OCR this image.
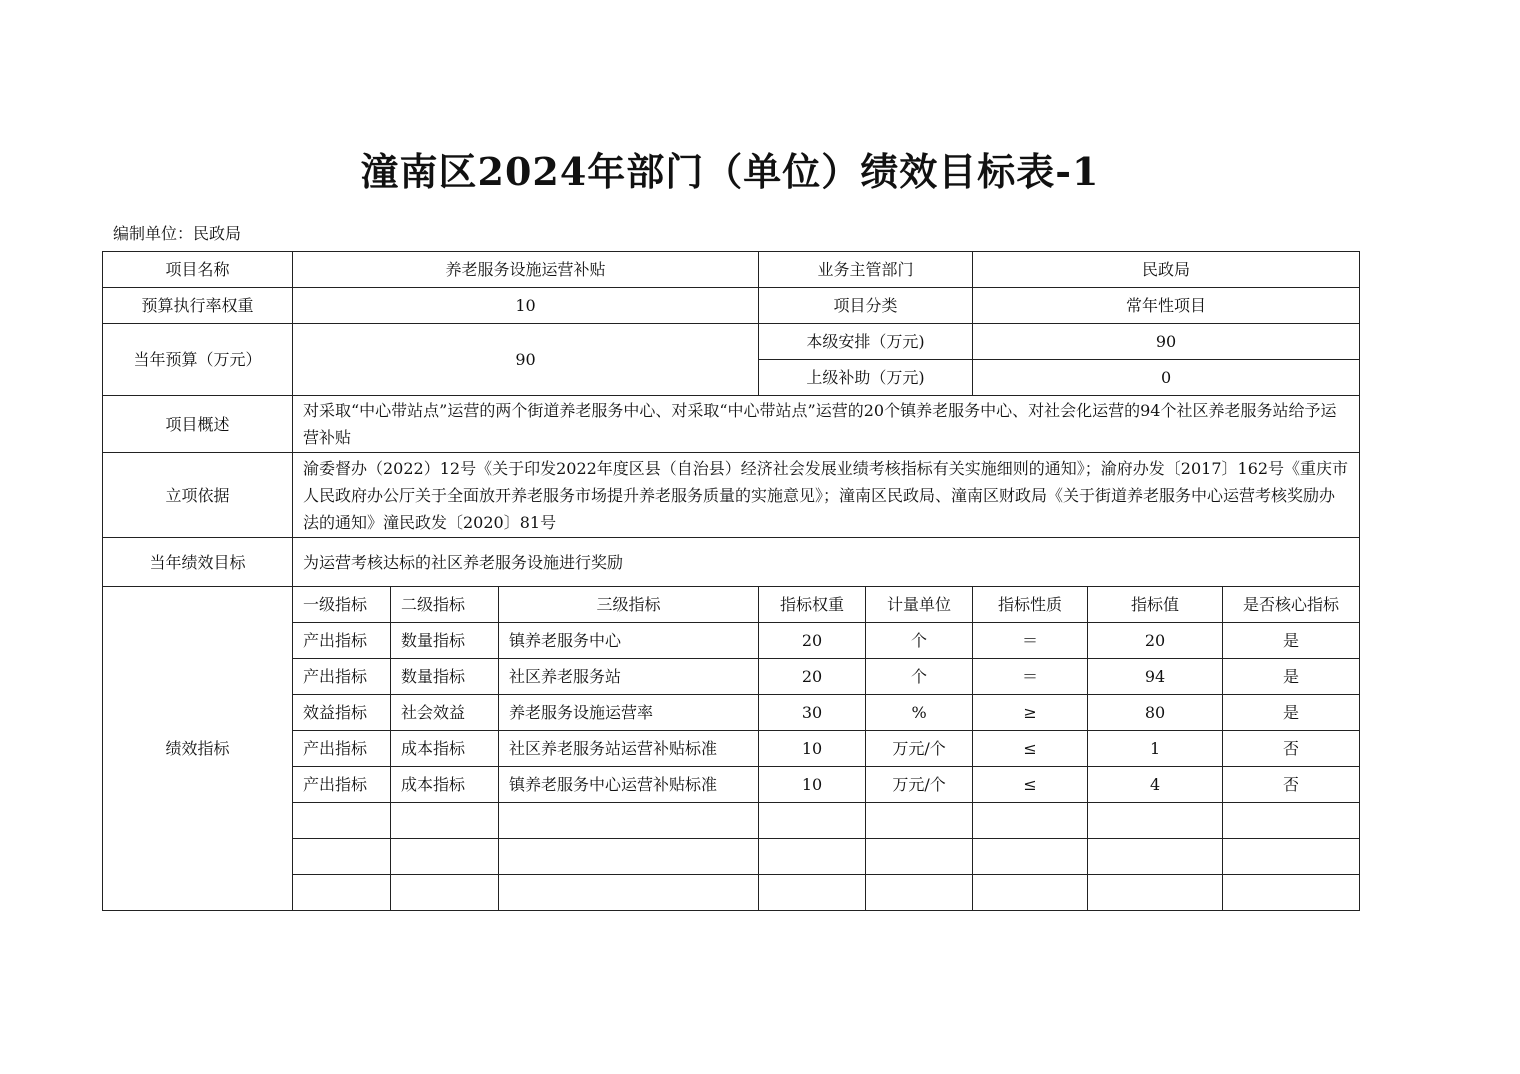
潼南区2024年部门（单位）绩效目标表-1
编制单位：民政局
项目名称	养老服务设施运营补贴			业务主管部门		民政局		
预算执行率权重	10			项目分类		常年性项目		
当年预算（万元）	90			本级安排（万元)		90		
				上级补助（万元)		0		
项目概述	对采取“中心带站点”运营的两个街道养老服务中心、对采取“中心带站点”运营的20个镇养老服务中心、对社会化运营的94个社区养老服务站给予运营补贴							
立项依据	渝委督办（2022）12号《关于印发2022年度区县（自治县）经济社会发展业绩考核指标有关实施细则的通知》；渝府办发〔2017〕162号《重庆市人民政府办公厅关于全面放开养老服务市场提升养老服务质量的实施意见》；潼南区民政局、潼南区财政局《关于街道养老服务中心运营考核奖励办法的通知》潼民政发〔2020〕81号							
当年绩效目标	为运营考核达标的社区养老服务设施进行奖励							
绩效指标	一级指标	二级指标	三级指标	指标权重	计量单位	指标性质	指标值	是否核心指标
	产出指标	数量指标	镇养老服务中心	20	个	＝	20	是
	产出指标	数量指标	社区养老服务站	20	个	＝	94	是
	效益指标	社会效益	养老服务设施运营率	30	%	≥	80	是
	产出指标	成本指标	社区养老服务站运营补贴标准	10	万元/个	≤	1	否
	产出指标	成本指标	镇养老服务中心运营补贴标准	10	万元/个	≤	4	否
